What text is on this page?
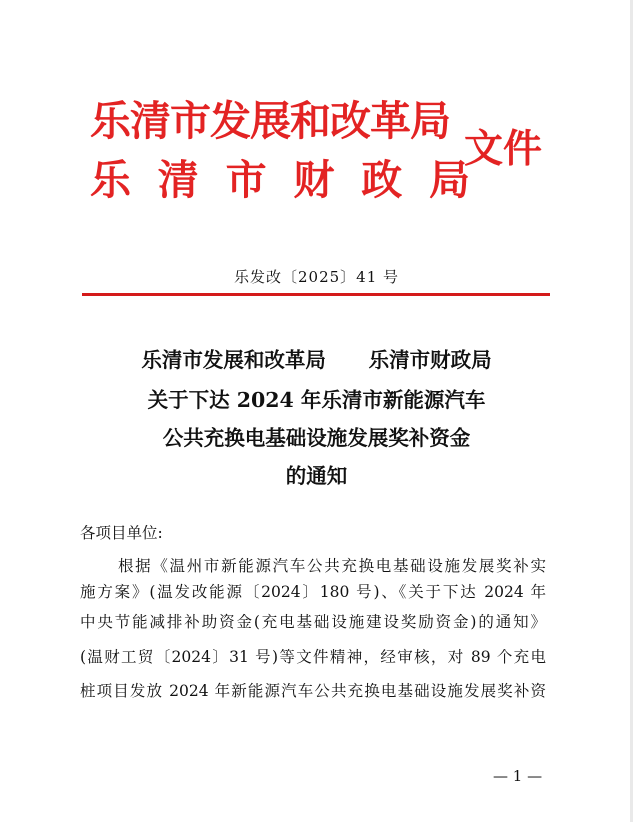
乐清市发展和改革局
乐 清 市 财 政 局
文件
乐发改〔2025〕41 号
乐清市发展和改革局      乐清市财政局
关于下达 2024 年乐清市新能源汽车
公共充换电基础设施发展奖补资金
的通知
各项目单位:
根据《温州市新能源汽车公共充换电基础设施发展奖补实
施方案》(温发改能源〔2024〕180 号)、《关于下达 2024 年
中央节能减排补助资金(充电基础设施建设奖励资金)的通知》
(温财工贸〔2024〕31 号)等文件精神，经审核，对 89 个充电
桩项目发放 2024 年新能源汽车公共充换电基础设施发展奖补资
— 1 —
